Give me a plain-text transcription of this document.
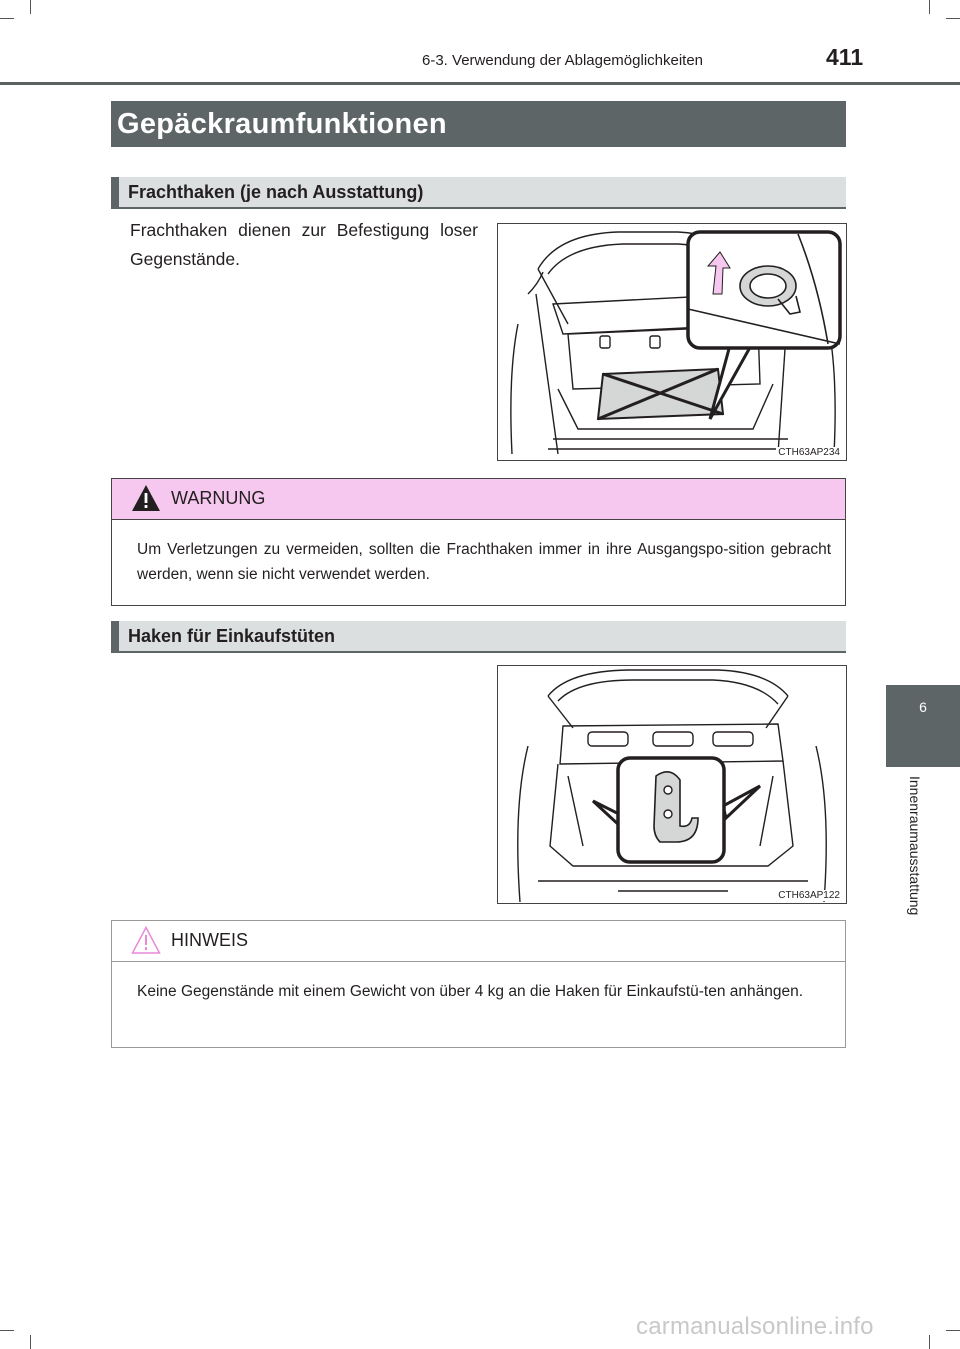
6-3. Verwendung der Ablagemöglichkeiten	411
Gepäckraumfunktionen
Frachthaken (je nach Ausstattung)
Frachthaken dienen zur Befestigung loser Gegenstände.
CTH63AP234
WARNUNG
Um Verletzungen zu vermeiden, sollten die Frachthaken immer in ihre Ausgangspo-sition gebracht werden, wenn sie nicht verwendet werden.
Haken für Einkaufstüten
CTH63AP122
HINWEIS
Keine Gegenstände mit einem Gewicht von über 4 kg an die Haken für Einkaufstü-ten anhängen.
6
Innenraumausstattung
carmanualsonline.info
